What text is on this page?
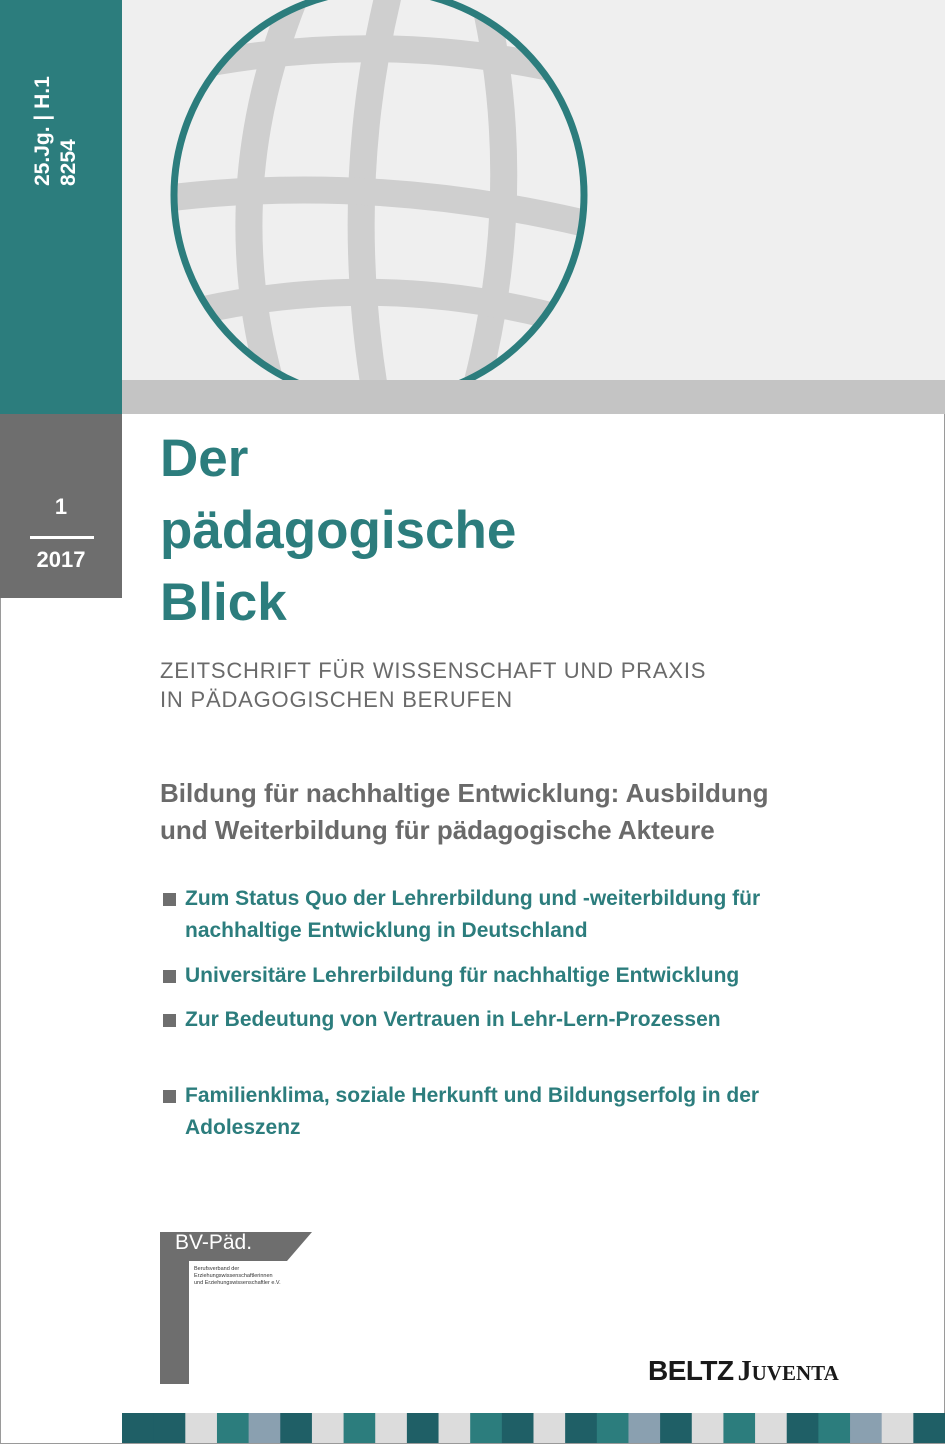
25.Jg. | H.1 8254
1
2017
Der
pädagogische
Blick
ZEITSCHRIFT FÜR WISSENSCHAFT UND PRAXIS
IN PÄDAGOGISCHEN BERUFEN
Bildung für nachhaltige Entwicklung: Ausbildung
und Weiterbildung für pädagogische Akteure
Zum Status Quo der Lehrerbildung und -weiterbildung für
nachhaltige Entwicklung in Deutschland
Universitäre Lehrerbildung für nachhaltige Entwicklung
Zur Bedeutung von Vertrauen in Lehr-Lern-Prozessen
Familienklima, soziale Herkunft und Bildungserfolg in der
Adoleszenz
BV-Päd.
Berufsverband der
Erziehungswissenschaftlerinnen
und Erziehungswissenschaftler e.V.
BELTZ JUVENTA
